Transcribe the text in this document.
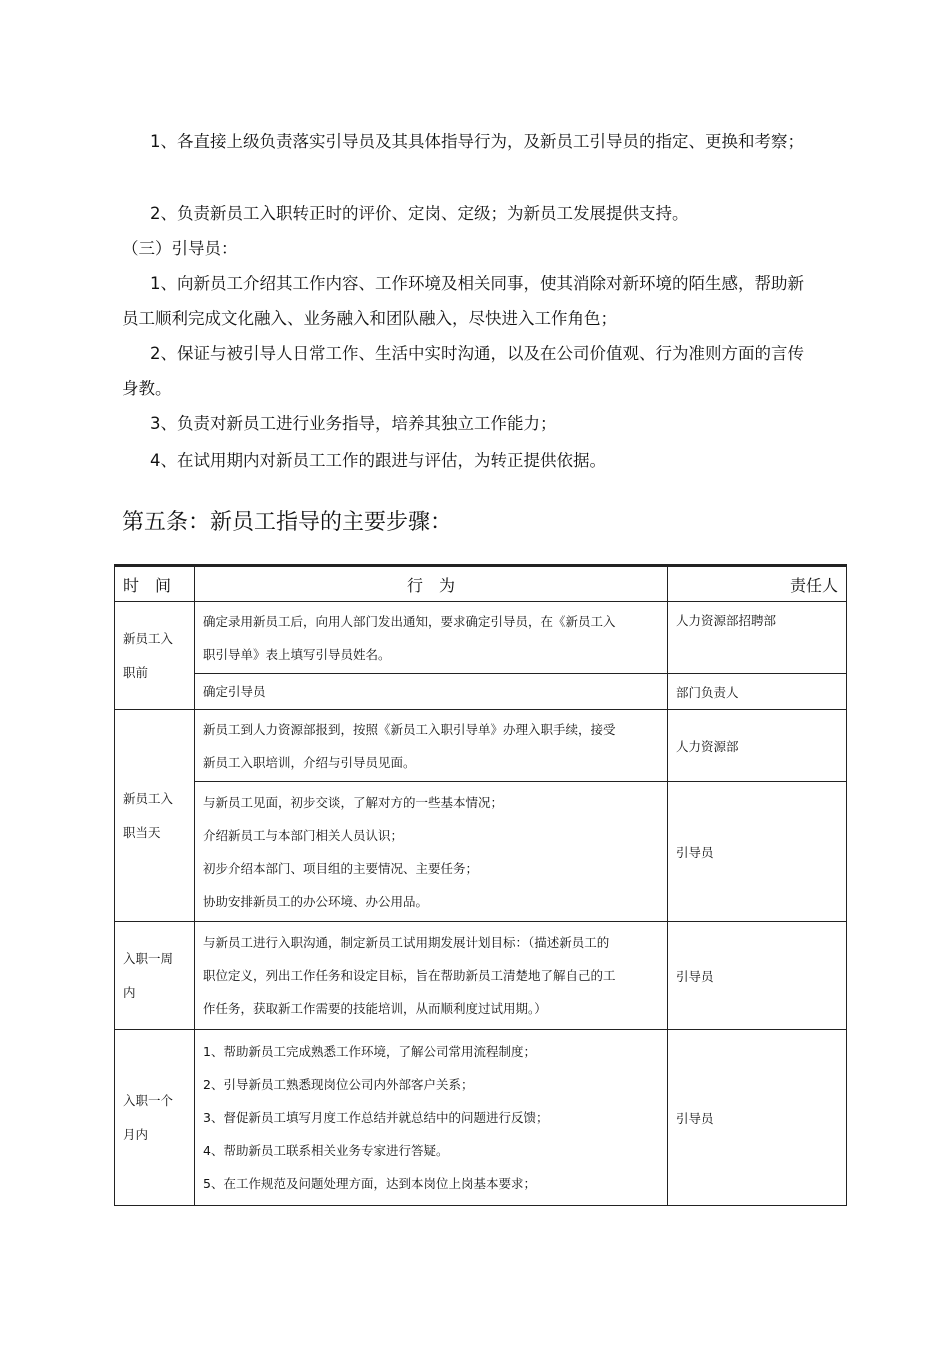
1、各直接上级负责落实引导员及其具体指导行为，及新员工引导员的指定、更换和考察；

2、负责新员工入职转正时的评价、定岗、定级；为新员工发展提供支持。

（三）引导员：

1、向新员工介绍其工作内容、工作环境及相关同事，使其消除对新环境的陌生感，帮助新员工顺利完成文化融入、业务融入和团队融入，尽快进入工作角色；

2、保证与被引导人日常工作、生活中实时沟通，以及在公司价值观、行为准则方面的言传身教。

3、负责对新员工进行业务指导，培养其独立工作能力；

4、在试用期内对新员工工作的跟进与评估，为转正提供依据。

第五条：新员工指导的主要步骤：
时　间	行　为	责任人

新员工入
职前	确定录用新员工后，向用人部门发出通知，要求确定引导员，在《新员工入
职引导单》表上填写引导员姓名。	人力资源部招聘部

	确定引导员	部门负责人

新员工入
职当天	新员工到人力资源部报到，按照《新员工入职引导单》办理入职手续，接受
新员工入职培训，介绍与引导员见面。	人力资源部

	与新员工见面，初步交谈，了解对方的一些基本情况；
介绍新员工与本部门相关人员认识；
初步介绍本部门、项目组的主要情况、主要任务；
协助安排新员工的办公环境、办公用品。	引导员

入职一周
内	与新员工进行入职沟通，制定新员工试用期发展计划目标：（描述新员工的
职位定义，列出工作任务和设定目标，旨在帮助新员工清楚地了解自己的工
作任务，获取新工作需要的技能培训，从而顺利度过试用期。）	引导员

入职一个
月内	1、帮助新员工完成熟悉工作环境，了解公司常用流程制度；
2、引导新员工熟悉现岗位公司内外部客户关系；
3、督促新员工填写月度工作总结并就总结中的问题进行反馈；
4、帮助新员工联系相关业务专家进行答疑。
5、在工作规范及问题处理方面，达到本岗位上岗基本要求；	引导员
